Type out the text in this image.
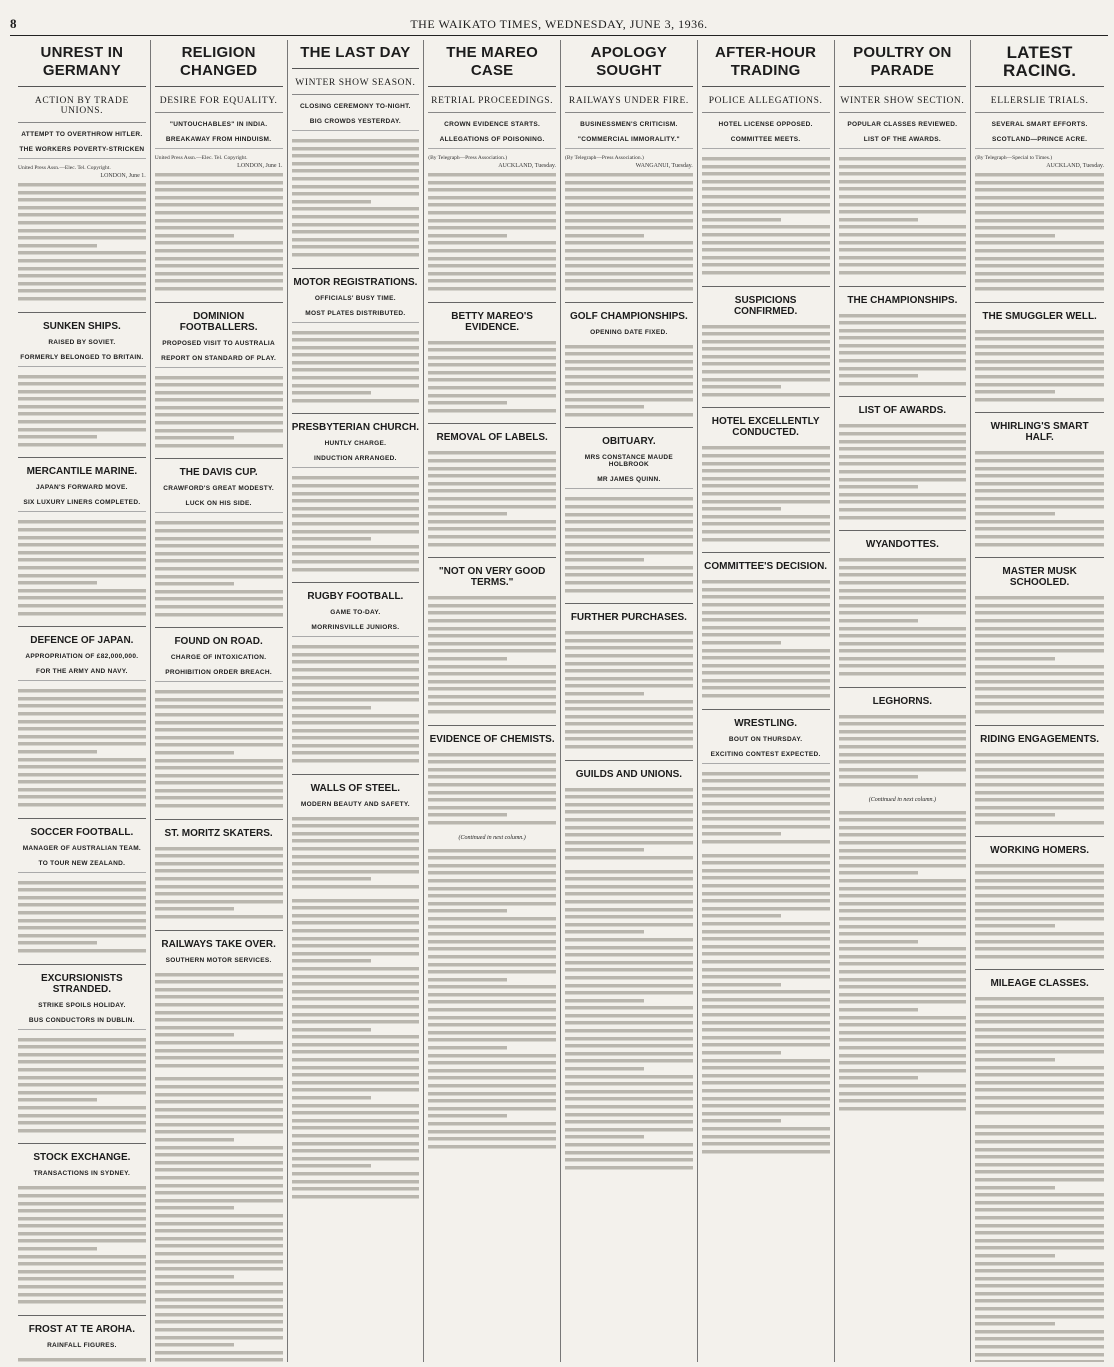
8	THE WAIKATO TIMES, WEDNESDAY, JUNE 3, 1936.
UNREST IN GERMANY
ACTION BY TRADE UNIONS.
ATTEMPT TO OVERTHROW HITLER.
THE WORKERS POVERTY-STRICKEN
United Press Assn.—Elec. Tel. Copyright.
LONDON, June 1.
SUNKEN SHIPS.
RAISED BY SOVIET.
FORMERLY BELONGED TO BRITAIN.
MERCANTILE MARINE.
JAPAN'S FORWARD MOVE.
SIX LUXURY LINERS COMPLETED.
DEFENCE OF JAPAN.
APPROPRIATION OF £82,000,000.
FOR THE ARMY AND NAVY.
SOCCER FOOTBALL.
MANAGER OF AUSTRALIAN TEAM.
TO TOUR NEW ZEALAND.
EXCURSIONISTS STRANDED.
STRIKE SPOILS HOLIDAY.
BUS CONDUCTORS IN DUBLIN.
STOCK EXCHANGE.
TRANSACTIONS IN SYDNEY.
FROST AT TE AROHA.
RAINFALL FIGURES.
RELIGION CHANGED
DESIRE FOR EQUALITY.
"UNTOUCHABLES" IN INDIA.
BREAKAWAY FROM HINDUISM.
United Press Assn.—Elec. Tel. Copyright.
LONDON, June 1.
DOMINION FOOTBALLERS.
PROPOSED VISIT TO AUSTRALIA
REPORT ON STANDARD OF PLAY.
THE DAVIS CUP.
CRAWFORD'S GREAT MODESTY.
LUCK ON HIS SIDE.
FOUND ON ROAD.
CHARGE OF INTOXICATION.
PROHIBITION ORDER BREACH.
ST. MORITZ SKATERS.
RAILWAYS TAKE OVER.
SOUTHERN MOTOR SERVICES.
THE LAST DAY
WINTER SHOW SEASON.
CLOSING CEREMONY TO-NIGHT.
BIG CROWDS YESTERDAY.
MOTOR REGISTRATIONS.
OFFICIALS' BUSY TIME.
MOST PLATES DISTRIBUTED.
PRESBYTERIAN CHURCH.
HUNTLY CHARGE.
INDUCTION ARRANGED.
RUGBY FOOTBALL.
GAME TO-DAY.
MORRINSVILLE JUNIORS.
WALLS OF STEEL.
MODERN BEAUTY AND SAFETY.
THE MAREO CASE
RETRIAL PROCEEDINGS.
CROWN EVIDENCE STARTS.
ALLEGATIONS OF POISONING.
(By Telegraph—Press Association.)
AUCKLAND, Tuesday.
BETTY MAREO'S EVIDENCE.
REMOVAL OF LABELS.
"NOT ON VERY GOOD TERMS."
EVIDENCE OF CHEMISTS.
(Continued in next column.)
APOLOGY SOUGHT
RAILWAYS UNDER FIRE.
BUSINESSMEN'S CRITICISM.
"COMMERCIAL IMMORALITY."
(By Telegraph—Press Association.)
WANGANUI, Tuesday.
GOLF CHAMPIONSHIPS.
OPENING DATE FIXED.
OBITUARY.
MRS CONSTANCE MAUDE HOLBROOK
MR JAMES QUINN.
FURTHER PURCHASES.
GUILDS AND UNIONS.
AFTER-HOUR TRADING
POLICE ALLEGATIONS.
HOTEL LICENSE OPPOSED.
COMMITTEE MEETS.
SUSPICIONS CONFIRMED.
HOTEL EXCELLENTLY CONDUCTED.
COMMITTEE'S DECISION.
WRESTLING.
BOUT ON THURSDAY.
EXCITING CONTEST EXPECTED.
POULTRY ON PARADE
WINTER SHOW SECTION.
POPULAR CLASSES REVIEWED.
LIST OF THE AWARDS.
THE CHAMPIONSHIPS.
LIST OF AWARDS.
WYANDOTTES.
LEGHORNS.
(Continued in next column.)
LATEST RACING.
ELLERSLIE TRIALS.
SEVERAL SMART EFFORTS.
SCOTLAND—PRINCE ACRE.
(By Telegraph—Special to Times.)
AUCKLAND, Tuesday.
THE SMUGGLER WELL.
WHIRLING'S SMART HALF.
MASTER MUSK SCHOOLED.
RIDING ENGAGEMENTS.
WORKING HOMERS.
MILEAGE CLASSES.
